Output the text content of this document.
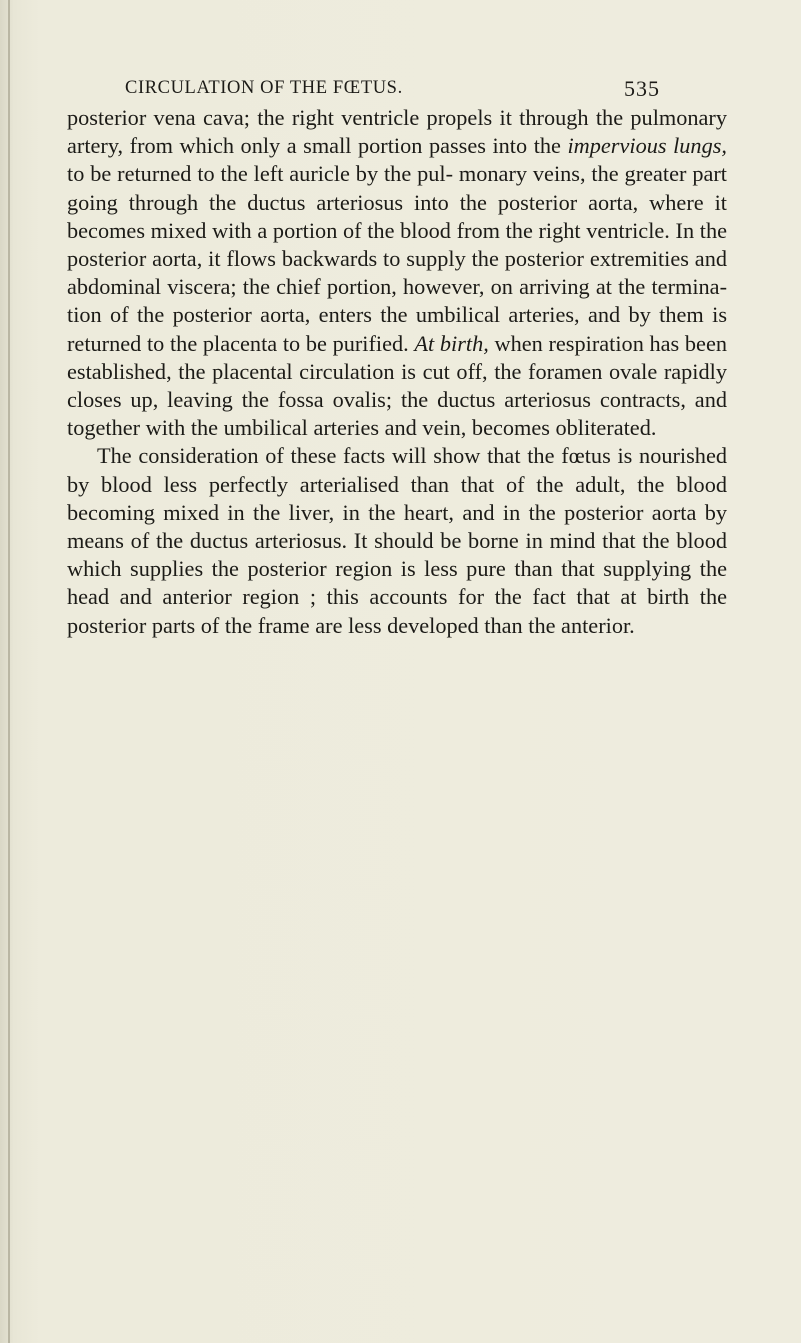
CIRCULATION OF THE FŒTUS.	535

posterior vena cava; the right ventricle propels it through the pulmonary artery, from which only a small portion passes into the impervious lungs, to be returned to the left auricle by the pul- monary veins, the greater part going through the ductus arteriosus into the posterior aorta, where it becomes mixed with a portion of the blood from the right ventricle. In the posterior aorta, it flows backwards to supply the posterior extremities and abdominal viscera; the chief portion, however, on arriving at the termina- tion of the posterior aorta, enters the umbilical arteries, and by them is returned to the placenta to be purified. At birth, when respiration has been established, the placental circulation is cut off, the foramen ovale rapidly closes up, leaving the fossa ovalis; the ductus arteriosus contracts, and together with the umbilical arteries and vein, becomes obliterated.

The consideration of these facts will show that the fœtus is nourished by blood less perfectly arterialised than that of the adult, the blood becoming mixed in the liver, in the heart, and in the posterior aorta by means of the ductus arteriosus. It should be borne in mind that the blood which supplies the posterior region is less pure than that supplying the head and anterior region ; this accounts for the fact that at birth the posterior parts of the frame are less developed than the anterior.
